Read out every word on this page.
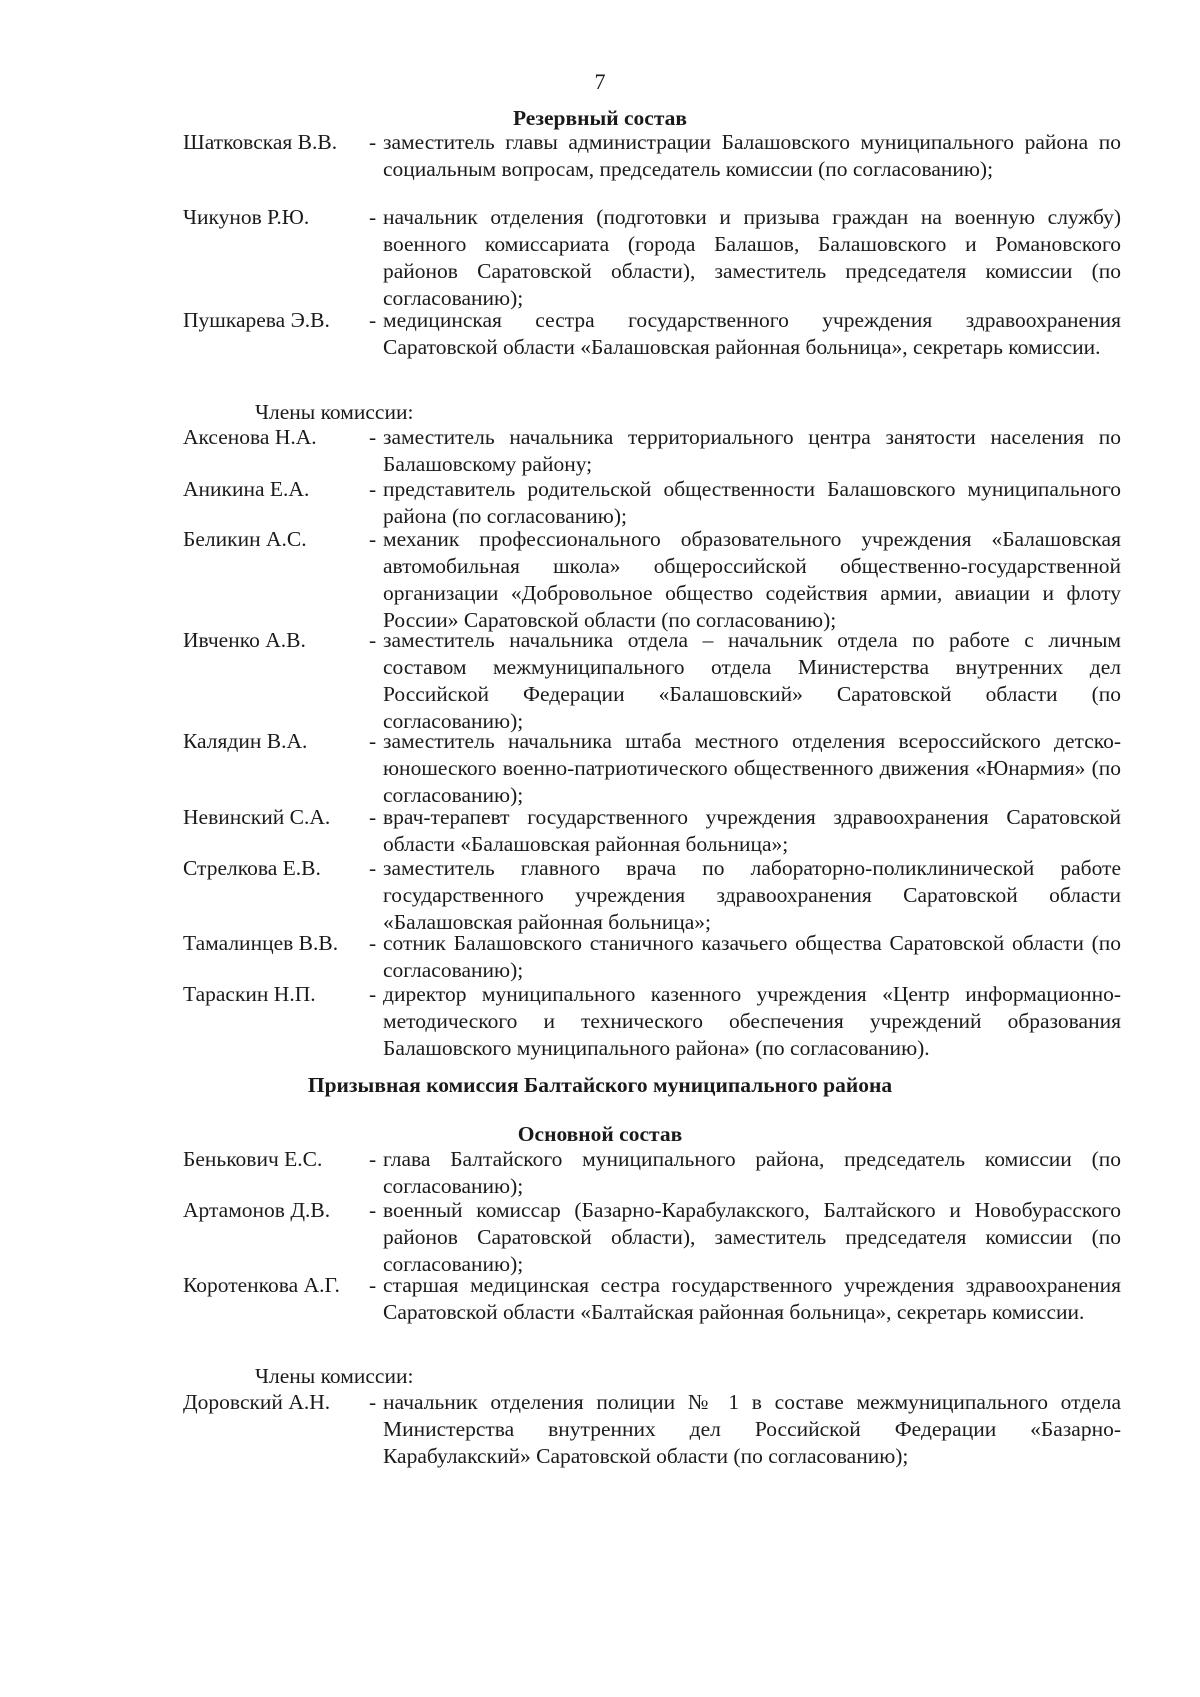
7
Резервный состав
Шатковская В.В. - заместитель главы администрации Балашовского муниципального района по социальным вопросам, председатель комиссии (по согласованию);
Чикунов Р.Ю.	- начальник отделения (подготовки и призыва граждан на военную службу) военного комиссариата (города Балашов, Балашовского и Романовского районов Саратовской области), заместитель председателя комиссии (по согласованию);
Пушкарева Э.В. - медицинская сестра государственного учреждения здравоохранения Саратовской области «Балашовская районная больница», секретарь комиссии.
Члены комиссии:
Аксенова Н.А. - заместитель начальника территориального центра занятости населения по Балашовскому району;
Аникина Е.А.	- представитель родительской общественности Балашовского муниципального района (по согласованию);
Беликин А.С.	- механик профессионального образовательного учреждения «Балашовская автомобильная школа» общероссийской общественно-государственной организации «Добровольное общество содействия армии, авиации и флоту России» Саратовской области (по согласованию);
Ивченко А.В.	- заместитель начальника отдела – начальник отдела по работе с личным составом межмуниципального отдела Министерства внутренних дел Российской Федерации «Балашовский» Саратовской области (по согласованию);
Калядин В.А.	- заместитель начальника штаба местного отделения всероссийского детско-юношеского военно-патриотического общественного движения «Юнармия» (по согласованию);
Невинский С.А. - врач-терапевт государственного учреждения здравоохранения Саратовской области «Балашовская районная больница»;
Стрелкова Е.В. - заместитель главного врача по лабораторно-поликлинической работе государственного учреждения здравоохранения Саратовской области «Балашовская районная больница»;
Тамалинцев В.В. - сотник Балашовского станичного казачьего общества Саратовской области (по согласованию);
Тараскин Н.П. - директор муниципального казенного учреждения «Центр информационно-методического и технического обеспечения учреждений образования Балашовского муниципального района» (по согласованию).
Призывная комиссия Балтайского муниципального района
Основной состав
Бенькович Е.С. - глава Балтайского муниципального района, председатель комиссии (по согласованию);
Артамонов Д.В. - военный комиссар (Базарно-Карабулакского, Балтайского и Новобурасского районов Саратовской области), заместитель председателя комиссии (по согласованию);
Коротенкова А.Г. - старшая медицинская сестра государственного учреждения здравоохранения Саратовской области «Балтайская районная больница», секретарь комиссии.
Члены комиссии:
Доровский А.Н. - начальник отделения полиции № 1 в составе межмуниципального отдела Министерства внутренних дел Российской Федерации «Базарно-Карабулакский» Саратовской области (по согласованию);
